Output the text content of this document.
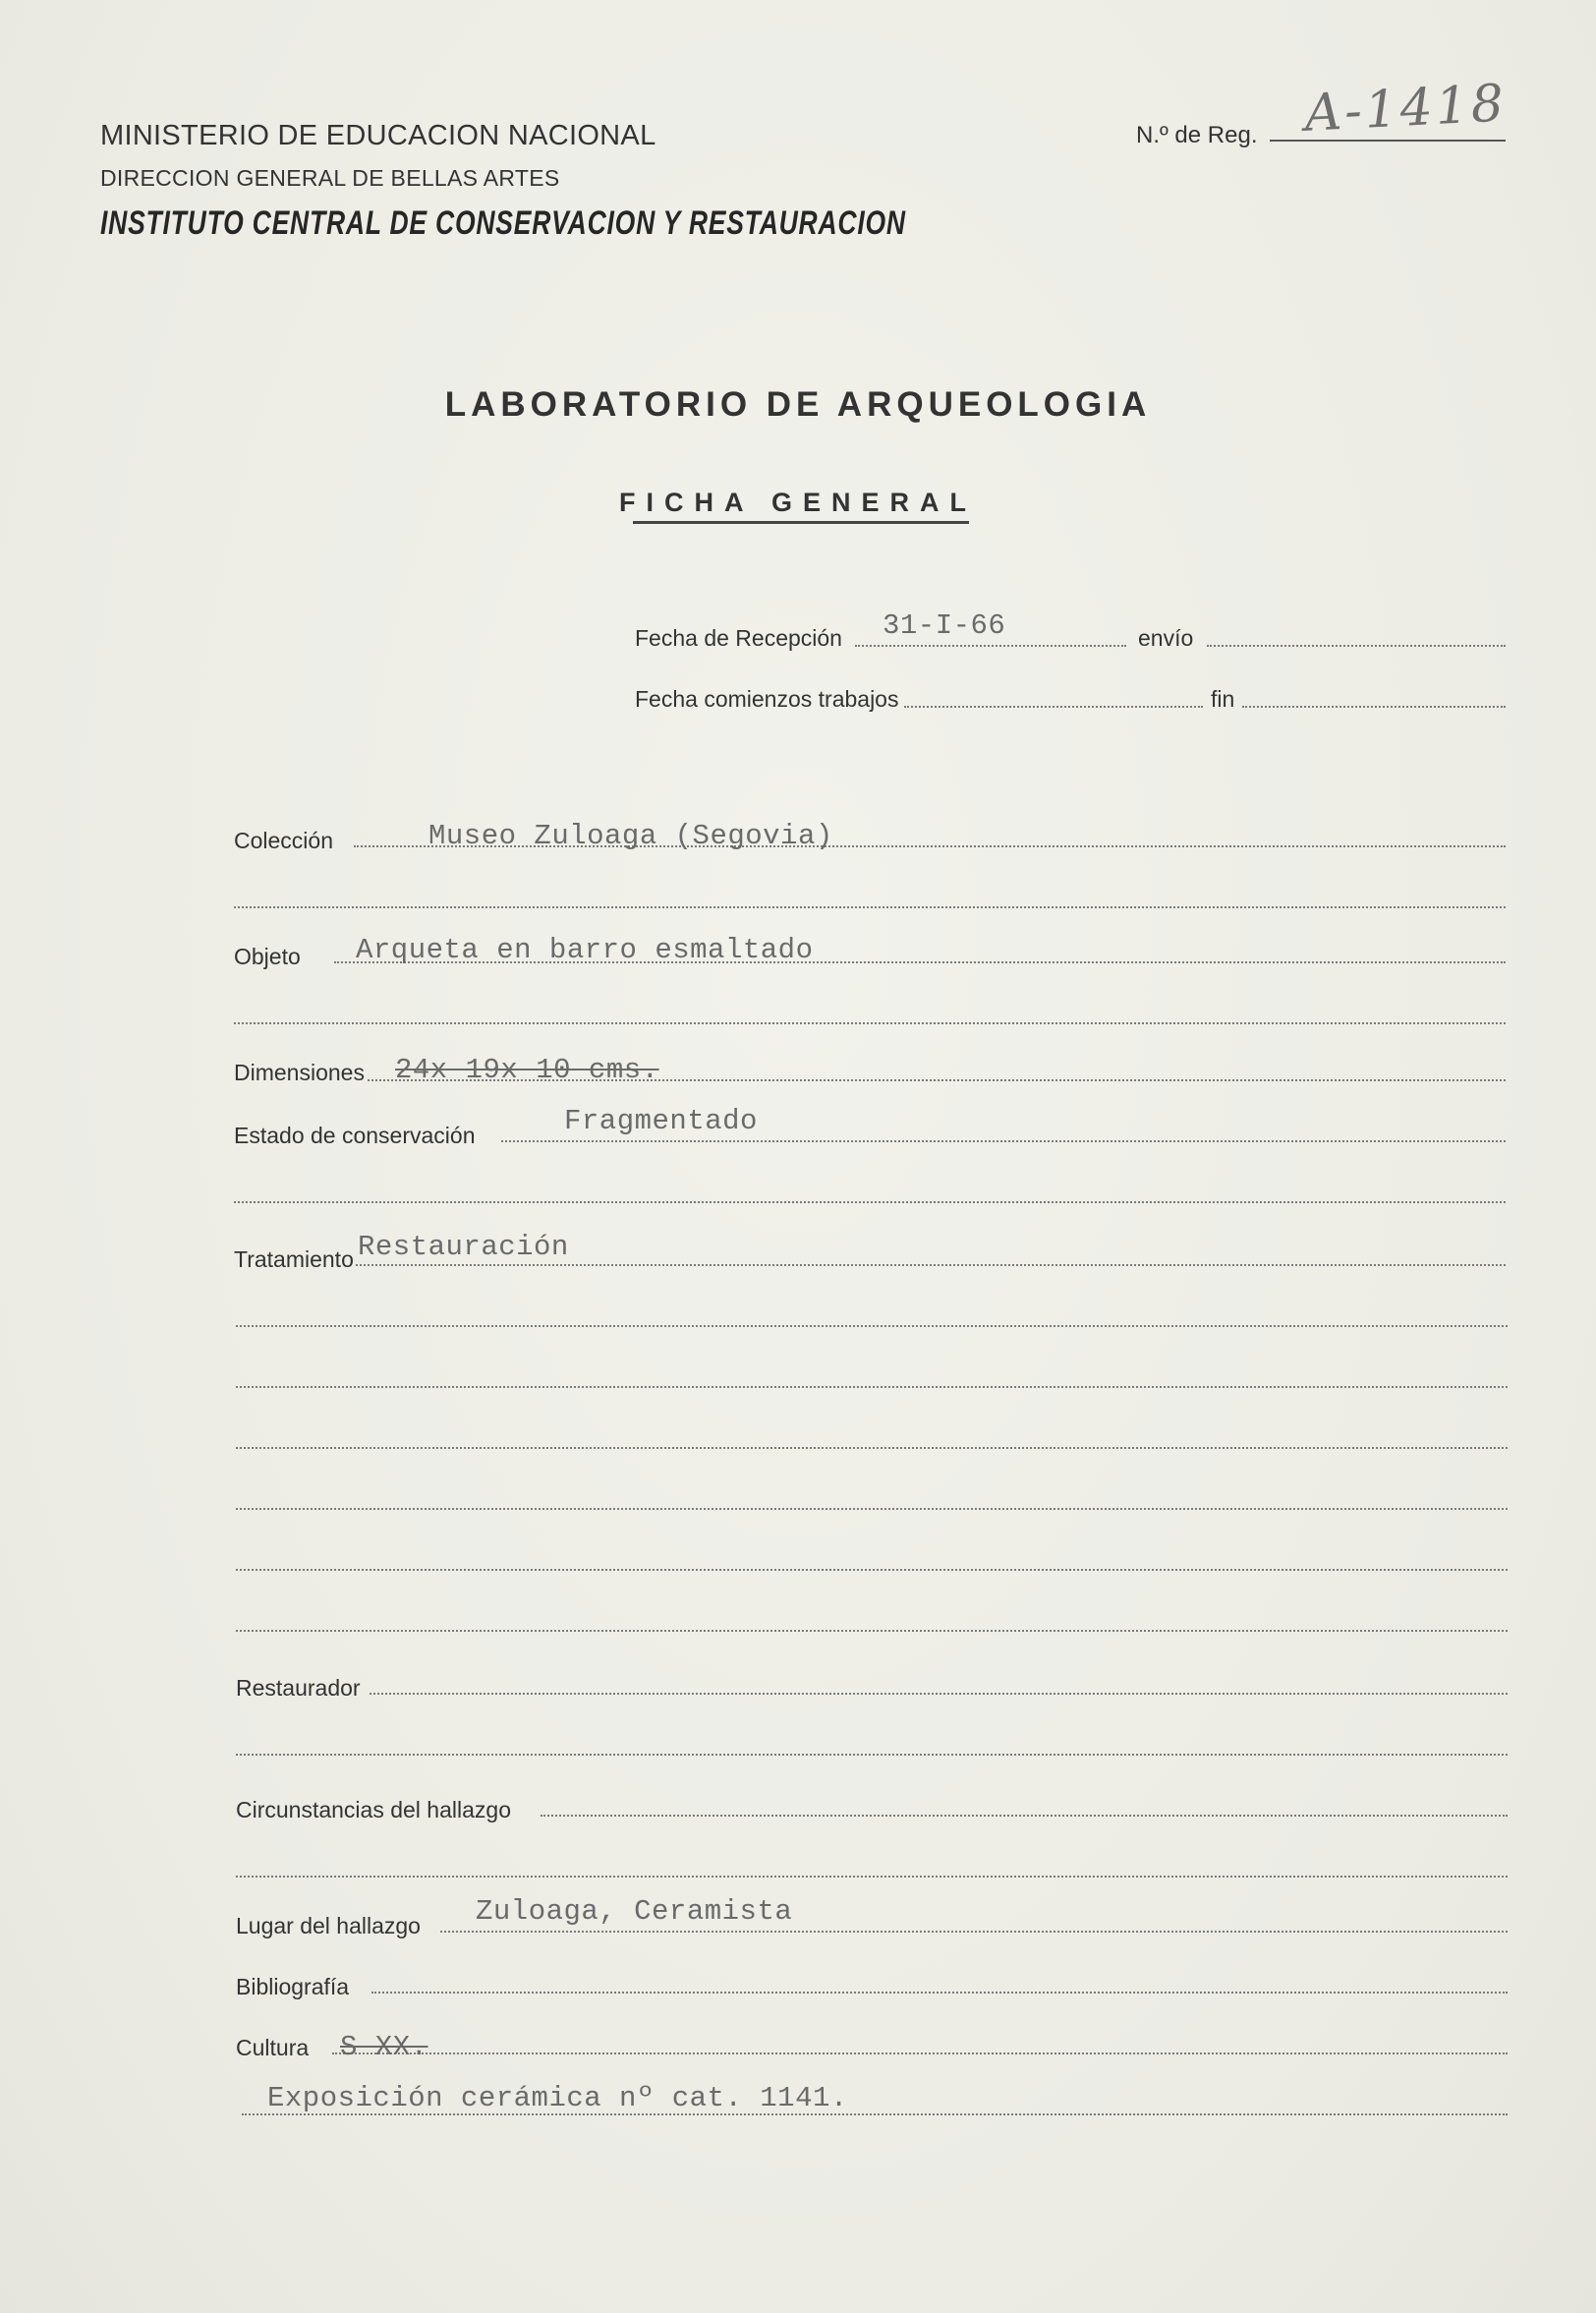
MINISTERIO DE EDUCACION NACIONAL
DIRECCION GENERAL DE BELLAS ARTES
INSTITUTO CENTRAL DE CONSERVACION Y RESTAURACION
N.º de Reg. A-1418
LABORATORIO DE ARQUEOLOGIA
FICHA GENERAL
Fecha de Recepción 31-I-66	envío
Fecha comienzos trabajos	fin
Colección	Museo Zuloaga (Segovia)
Objeto Arqueta en barro esmaltado
Dimensiones 24x 19x 10 cms.
Estado de conservación	Fragmentado
Tratamiento Restauración
Restaurador
Circunstancias del hallazgo
Lugar del hallazgo Zuloaga, Ceramista
Bibliografía
Cultura S XX.
Exposición cerámica nº cat. 1141.
